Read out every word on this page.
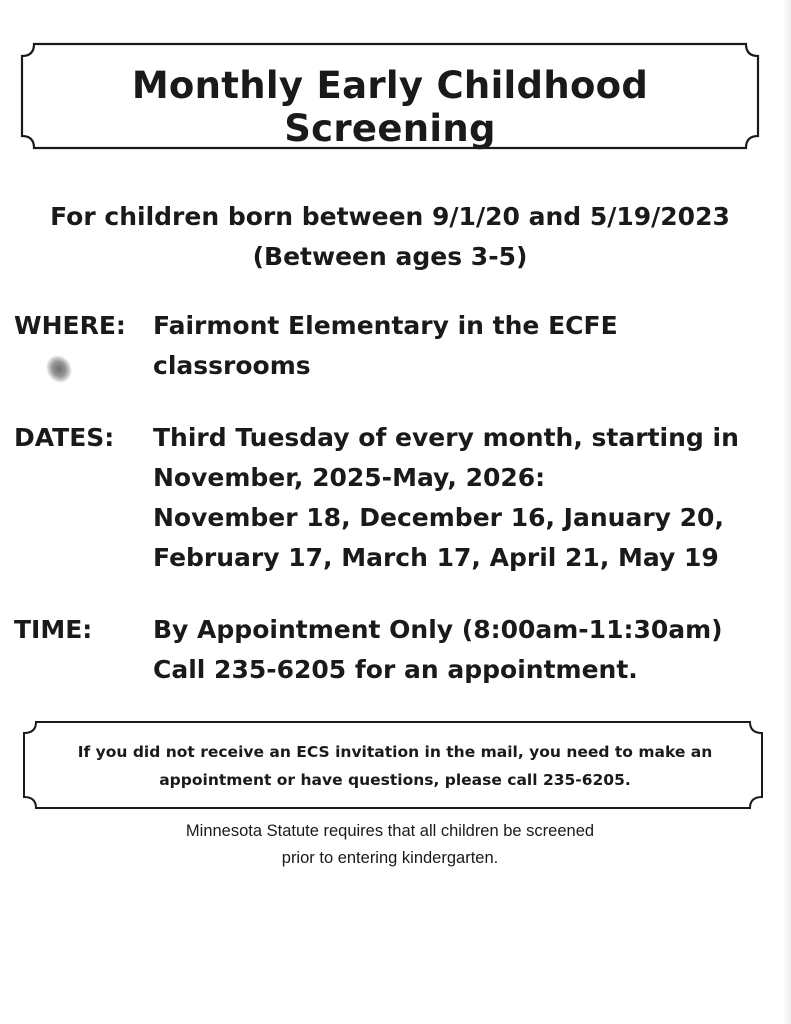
Monthly Early Childhood Screening
For children born between 9/1/20 and 5/19/2023
(Between ages 3-5)
WHERE: Fairmont Elementary in the ECFE
classrooms
DATES: Third Tuesday of every month, starting in
November, 2025-May, 2026:
November 18, December 16, January 20,
February 17, March 17, April 21, May 19
TIME: By Appointment Only (8:00am-11:30am)
Call 235-6205 for an appointment.
If you did not receive an ECS invitation in the mail, you need to make an
appointment or have questions, please call 235-6205.
Minnesota Statute requires that all children be screened
prior to entering kindergarten.
